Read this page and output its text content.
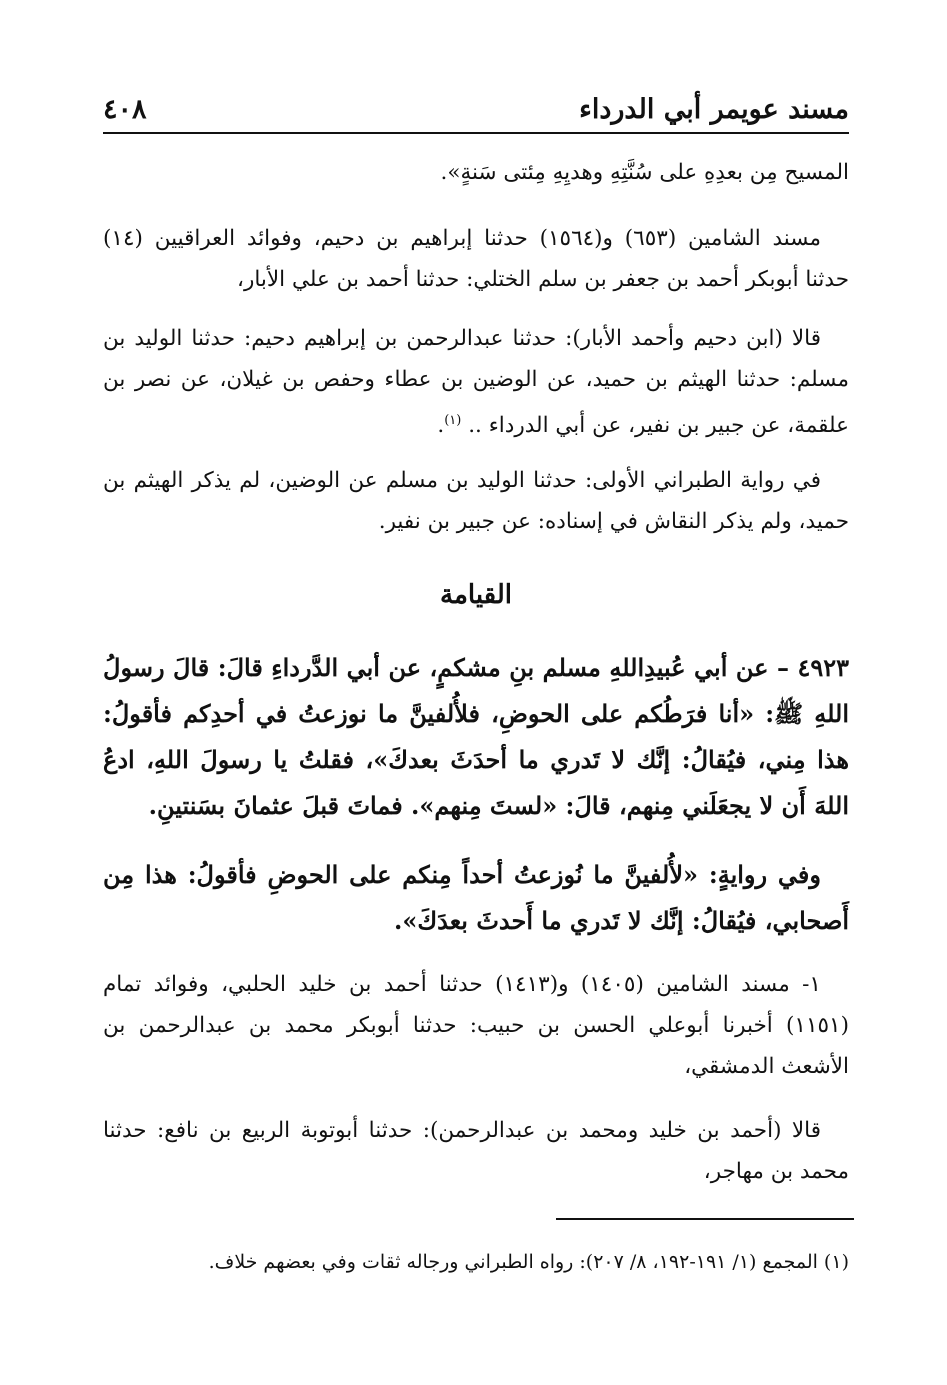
مسند عويمر أبي الدرداء
٤٠٨

المسيح مِن بعدِهِ على سُنَّتِهِ وهديِهِ مِئتى سَنةٍ».

مسند الشامين (٦٥٣) و(١٥٦٤) حدثنا إبراهيم بن دحيم، وفوائد العراقيين (١٤) حدثنا أبوبكر أحمد بن جعفر بن سلم الختلي: حدثنا أحمد بن علي الأبار،

قالا (ابن دحيم وأحمد الأبار): حدثنا عبدالرحمن بن إبراهيم دحيم: حدثنا الوليد بن مسلم: حدثنا الهيثم بن حميد، عن الوضين بن عطاء وحفص بن غيلان، عن نصر بن علقمة، عن جبير بن نفير، عن أبي الدرداء .. $^{(١)}$.

في رواية الطبراني الأولى: حدثنا الوليد بن مسلم عن الوضين، لم يذكر الهيثم بن حميد، ولم يذكر النقاش في إسناده: عن جبير بن نفير.

القيامة

٤٩٢٣ – عن أبي عُبيدِاللهِ مسلم بنِ مشكمٍ، عن أبي الدَّرداءِ قالَ: قالَ رسولُ اللهِ ﷺ: «أنا فرَطُكم على الحوضِ، فلأُلفينَّ ما نوزعتُ في أحدِكم فأقولُ: هذا مِني، فيُقالُ: إنَّك لا تَدري ما أحدَثَ بعدكَ»، فقلتُ يا رسولَ اللهِ، ادعُ اللهَ أَن لا يجعَلَني مِنهم، قالَ: «لستَ مِنهم». فماتَ قبلَ عثمانَ بسَنتينِ.

وفي روايةٍ: «لأُلفينَّ ما نُوزعتُ أحداً مِنكم على الحوضِ فأقولُ: هذا مِن أَصحابي، فيُقالُ: إنَّك لا تَدري ما أَحدثَ بعدَكَ».

١- مسند الشامين (١٤٠٥) و(١٤١٣) حدثنا أحمد بن خليد الحلبي، وفوائد تمام (١١٥١) أخبرنا أبوعلي الحسن بن حبيب: حدثنا أبوبكر محمد بن عبدالرحمن بن الأشعث الدمشقي،

قالا (أحمد بن خليد ومحمد بن عبدالرحمن): حدثنا أبوتوبة الربيع بن نافع: حدثنا محمد بن مهاجر،

(١) المجمع (١/ ١٩١-١٩٢، ٨/ ٢٠٧): رواه الطبراني ورجاله ثقات وفي بعضهم خلاف.
